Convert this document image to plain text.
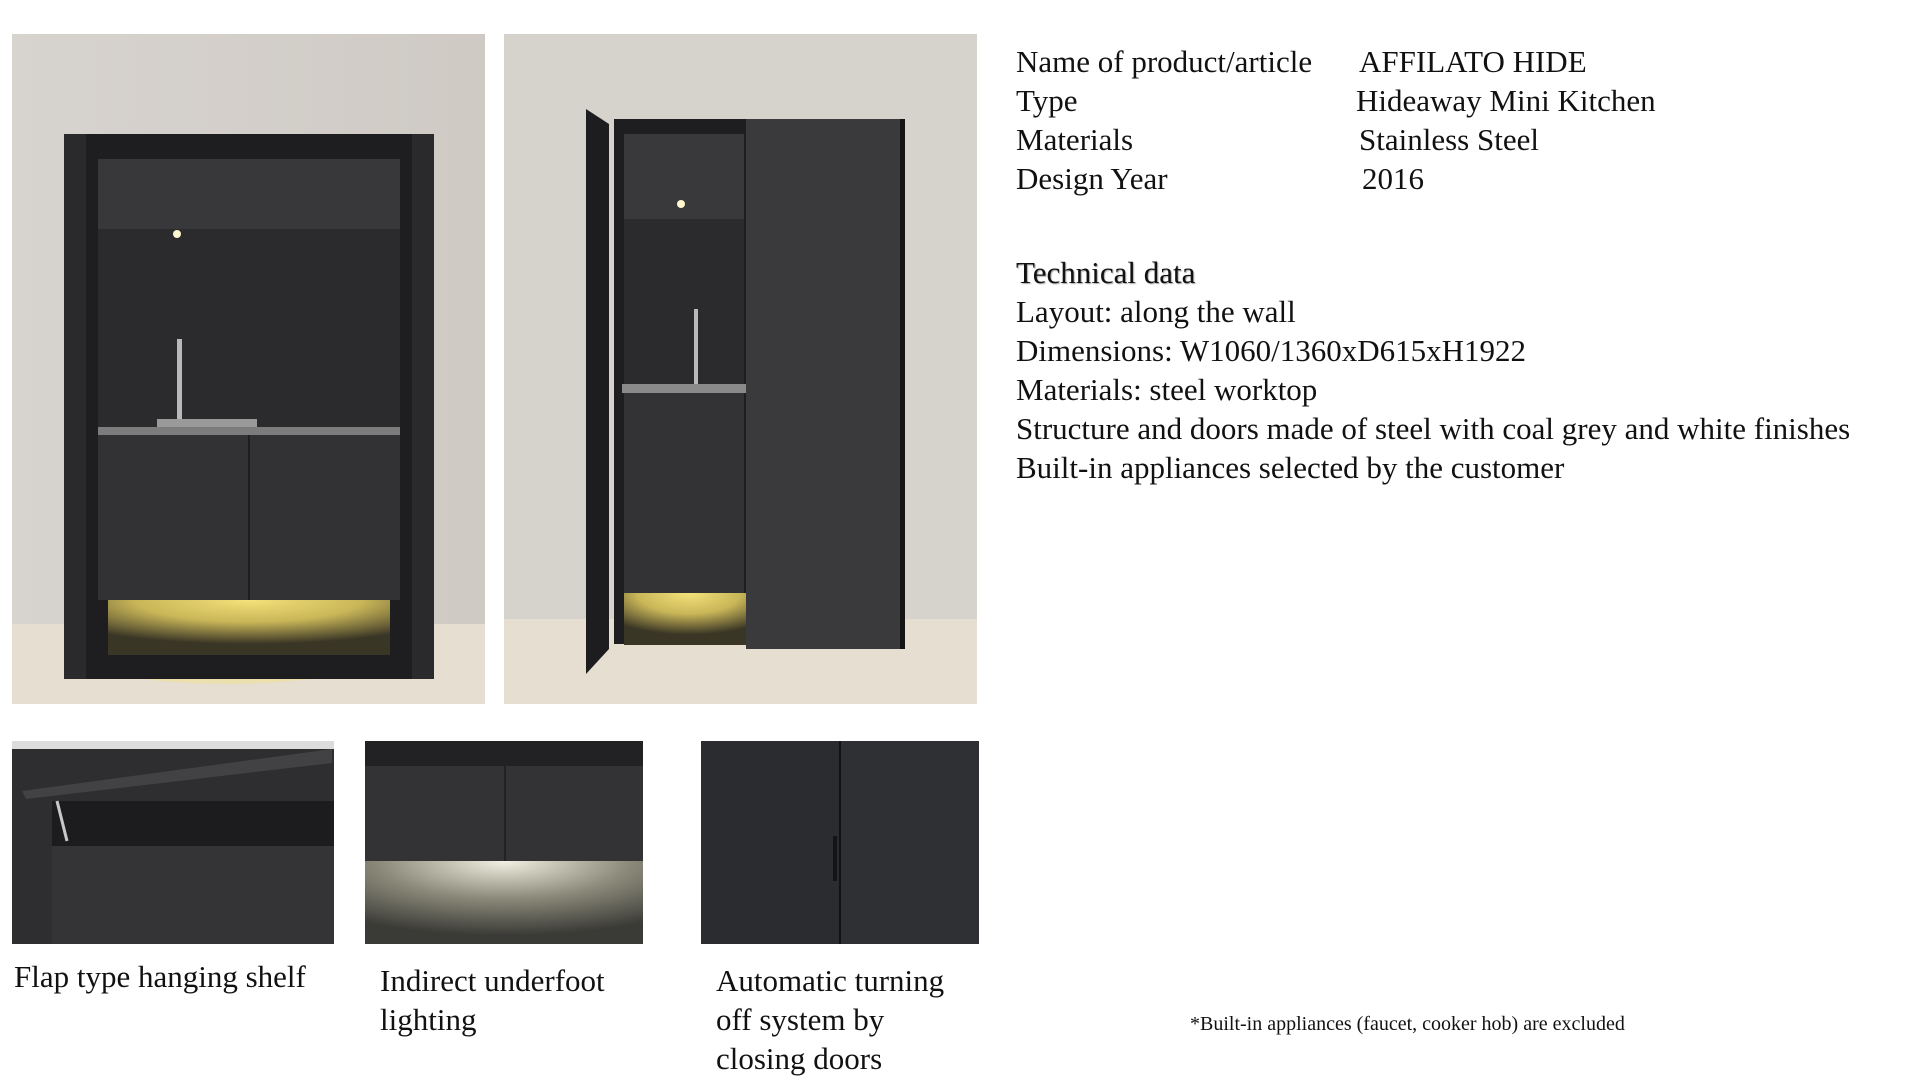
Flap type hanging shelf	Indirect underfoot lighting

Automatic turning off system by closing doors

Name of product/article	AFFILATO HIDE
Type	Hideaway Mini Kitchen
Materials	Stainless Steel
Design Year	2016
Technical data
Layout: along the wall
Dimensions: W1060/1360xD615xH1922
Materials: steel worktop
Structure and doors made of steel with coal grey and white finishes
Built-in appliances selected by the customer
*Built-in appliances (faucet, cooker hob) are excluded
